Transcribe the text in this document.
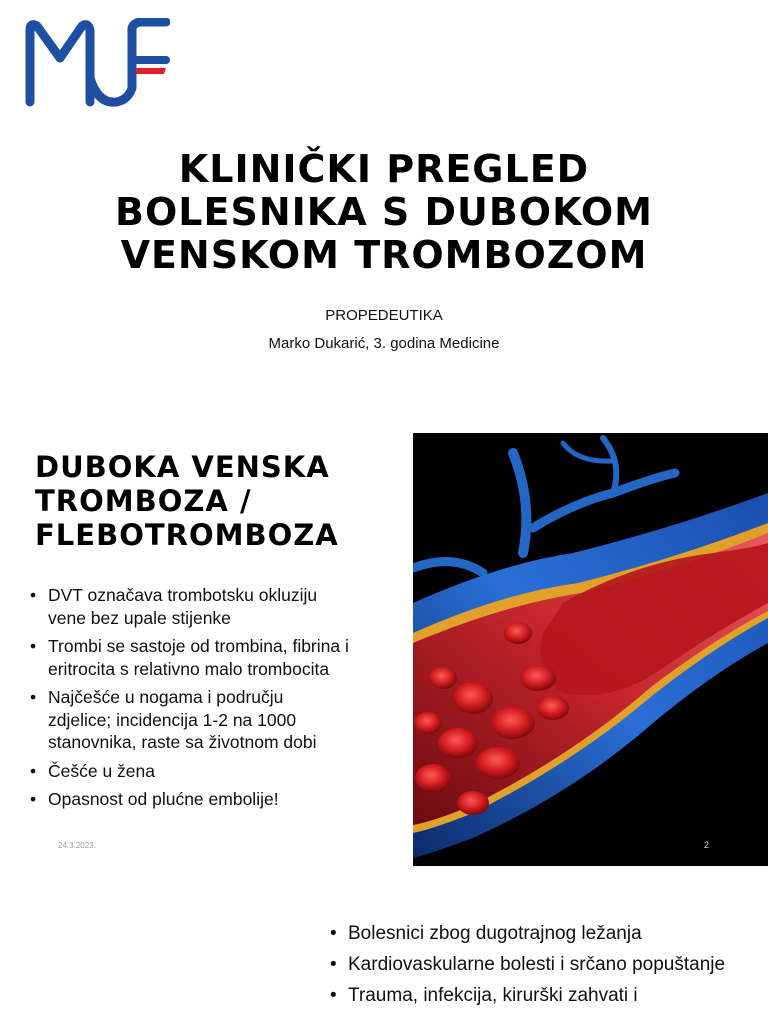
KLINIČKI PREGLED
BOLESNIKA S DUBOKOM
VENSKOM TROMBOZOM
PROPEDEUTIKA
Marko Dukarić, 3. godina Medicine
DUBOKA VENSKA
TROMBOZA /
FLEBOTROMBOZA
• DVT označava trombotsku okluziju vene bez upale stijenke
• Trombi se sastoje od trombina, fibrina i eritrocita s relativno malo trombocita
• Najčešće u nogama i području zdjelice; incidencija 1-2 na 1000 stanovnika, raste sa životnom dobi
• Češće u žena
• Opasnost od plućne embolije!
24.3.2023.	2
• Bolesnici zbog dugotrajnog ležanja
• Kardiovaskularne bolesti i srčano popuštanje
• Trauma, infekcija, kirurški zahvati i
